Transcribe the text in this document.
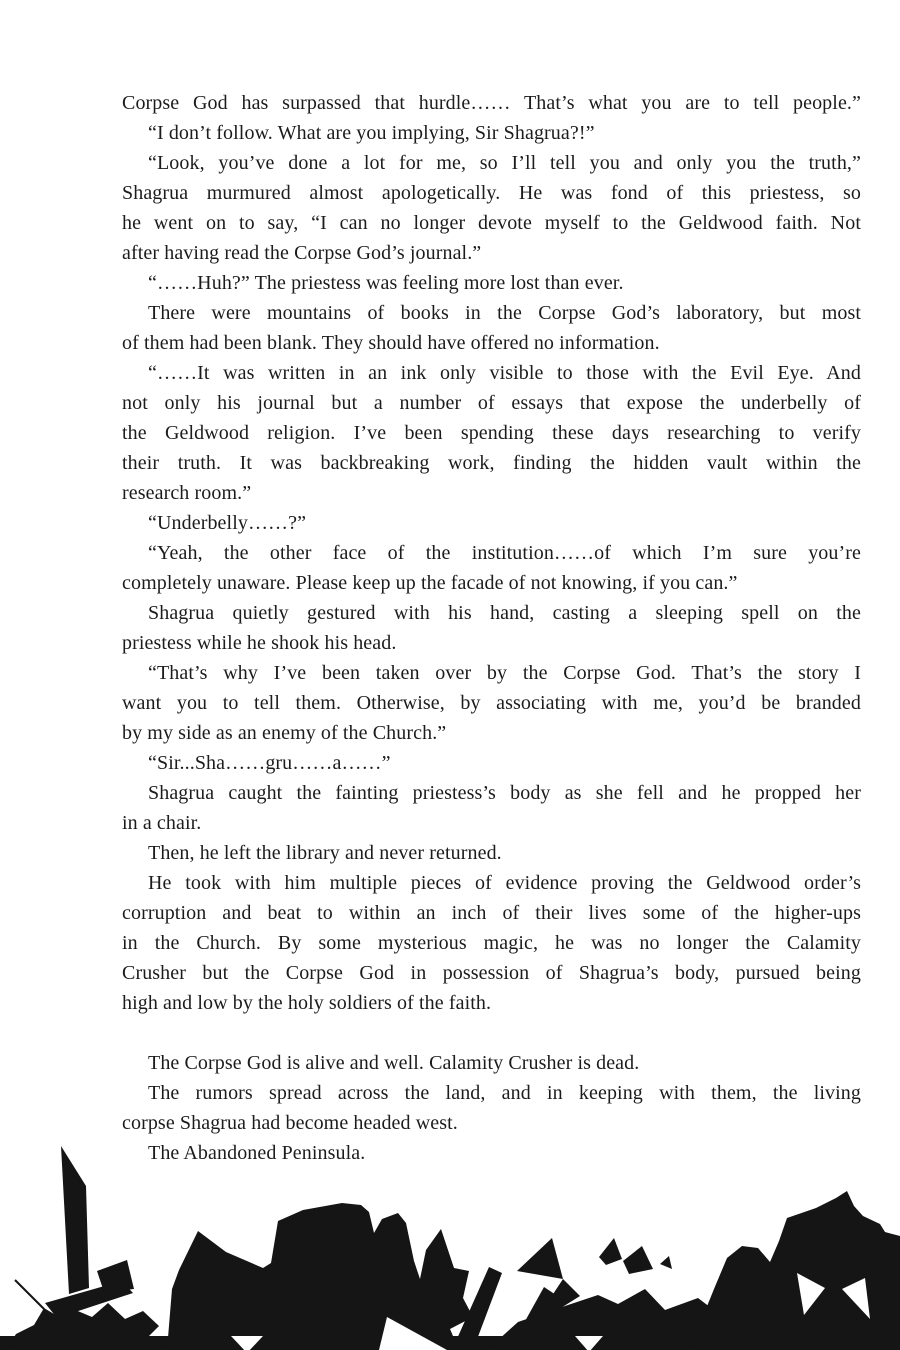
Corpse God has surpassed that hurdle…… That’s what you are to tell people.”
“I don’t follow. What are you implying, Sir Shagrua?!”
“Look, you’ve done a lot for me, so I’ll tell you and only you the truth,”
Shagrua murmured almost apologetically. He was fond of this priestess, so
he went on to say, “I can no longer devote myself to the Geldwood faith. Not
after having read the Corpse God’s journal.”
“……Huh?” The priestess was feeling more lost than ever.
There were mountains of books in the Corpse God’s laboratory, but most
of them had been blank. They should have offered no information.
“……It was written in an ink only visible to those with the Evil Eye. And
not only his journal but a number of essays that expose the underbelly of
the Geldwood religion. I’ve been spending these days researching to verify
their truth. It was backbreaking work, finding the hidden vault within the
research room.”
“Underbelly……?”
“Yeah, the other face of the institution……of which I’m sure you’re
completely unaware. Please keep up the facade of not knowing, if you can.”
Shagrua quietly gestured with his hand, casting a sleeping spell on the
priestess while he shook his head.
“That’s why I’ve been taken over by the Corpse God. That’s the story I
want you to tell them. Otherwise, by associating with me, you’d be branded
by my side as an enemy of the Church.”
“Sir...Sha……gru……a……”
Shagrua caught the fainting priestess’s body as she fell and he propped her
in a chair.
Then, he left the library and never returned.
He took with him multiple pieces of evidence proving the Geldwood order’s
corruption and beat to within an inch of their lives some of the higher-ups
in the Church. By some mysterious magic, he was no longer the Calamity
Crusher but the Corpse God in possession of Shagrua’s body, pursued being
high and low by the holy soldiers of the faith.
The Corpse God is alive and well. Calamity Crusher is dead.
The rumors spread across the land, and in keeping with them, the living
corpse Shagrua had become headed west.
The Abandoned Peninsula.
